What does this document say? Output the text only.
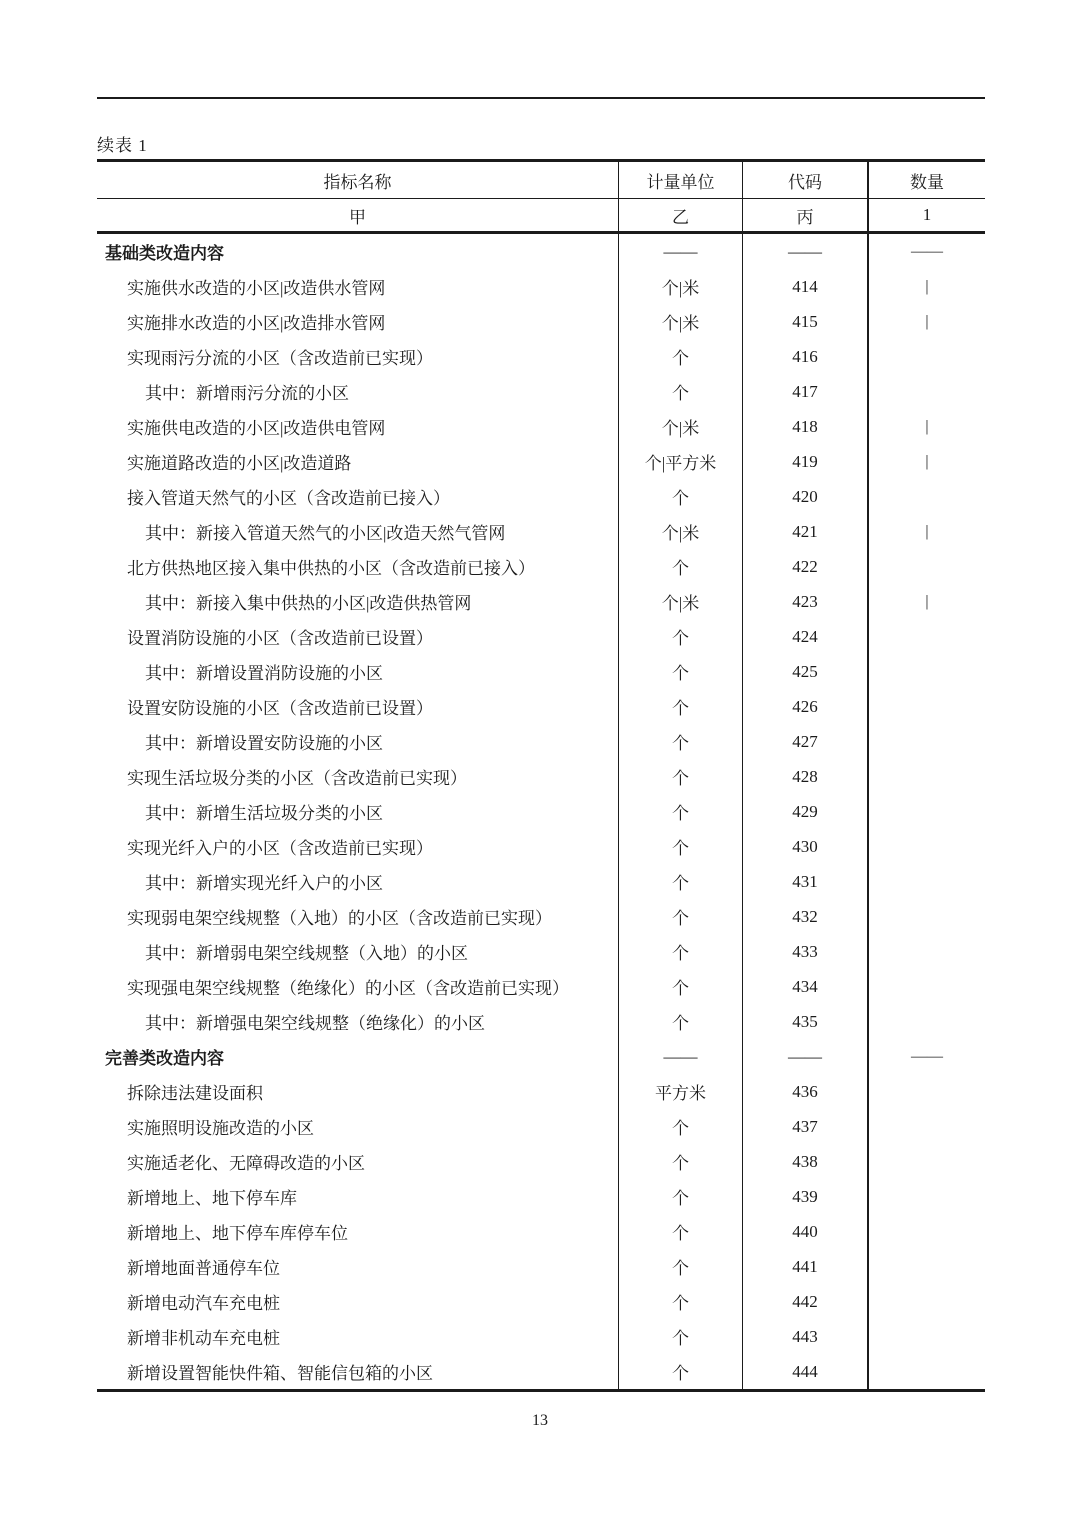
续表 1
指标名称	计量单位	代码	数量
甲	乙	丙	1
基础类改造内容	——	——	——
实施供水改造的小区|改造供水管网	个|米	414	|
实施排水改造的小区|改造排水管网	个|米	415	|
实现雨污分流的小区（含改造前已实现）	个	416
其中：新增雨污分流的小区	个	417
实施供电改造的小区|改造供电管网	个|米	418	|
实施道路改造的小区|改造道路	个|平方米	419	|
接入管道天然气的小区（含改造前已接入）	个	420
其中：新接入管道天然气的小区|改造天然气管网	个|米	421	|
北方供热地区接入集中供热的小区（含改造前已接入）	个	422
其中：新接入集中供热的小区|改造供热管网	个|米	423	|
设置消防设施的小区（含改造前已设置）	个	424
其中：新增设置消防设施的小区	个	425
设置安防设施的小区（含改造前已设置）	个	426
其中：新增设置安防设施的小区	个	427
实现生活垃圾分类的小区（含改造前已实现）	个	428
其中：新增生活垃圾分类的小区	个	429
实现光纤入户的小区（含改造前已实现）	个	430
其中：新增实现光纤入户的小区	个	431
实现弱电架空线规整（入地）的小区（含改造前已实现）	个	432
其中：新增弱电架空线规整（入地）的小区	个	433
实现强电架空线规整（绝缘化）的小区（含改造前已实现）	个	434
其中：新增强电架空线规整（绝缘化）的小区	个	435
完善类改造内容	——	——	——
拆除违法建设面积	平方米	436
实施照明设施改造的小区	个	437
实施适老化、无障碍改造的小区	个	438
新增地上、地下停车库	个	439
新增地上、地下停车库停车位	个	440
新增地面普通停车位	个	441
新增电动汽车充电桩	个	442
新增非机动车充电桩	个	443
新增设置智能快件箱、智能信包箱的小区	个	444
13
